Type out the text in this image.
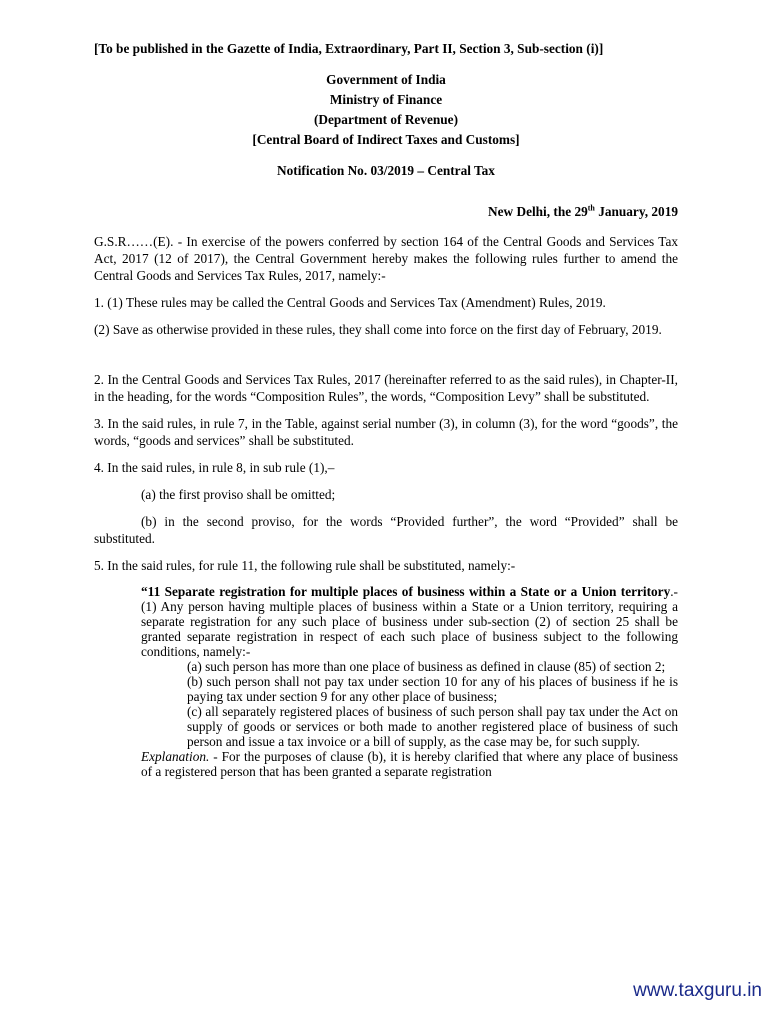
[To be published in the Gazette of India, Extraordinary, Part II, Section 3, Sub-section (i)]

Government of India
Ministry of Finance
(Department of Revenue)
[Central Board of Indirect Taxes and Customs]
Notification No. 03/2019 – Central Tax
New Delhi, the 29th January, 2019

G.S.R……(E). - In exercise of the powers conferred by section 164 of the Central Goods and Services Tax Act, 2017 (12 of 2017), the Central Government hereby makes the following rules further to amend the Central Goods and Services Tax Rules, 2017, namely:-

1. (1) These rules may be called the Central Goods and Services Tax (Amendment) Rules, 2019.

(2) Save as otherwise provided in these rules, they shall come into force on the first day of February, 2019.

2. In the Central Goods and Services Tax Rules, 2017 (hereinafter referred to as the said rules), in Chapter-II, in the heading, for the words “Composition Rules”, the words, “Composition Levy” shall be substituted.

3. In the said rules, in rule 7, in the Table, against serial number (3), in column (3), for the word “goods”, the words, “goods and services” shall be substituted.

4. In the said rules, in rule 8, in sub rule (1),–

(a) the first proviso shall be omitted;

(b) in the second proviso, for the words “Provided further”, the word “Provided” shall be substituted.

5. In the said rules, for rule 11, the following rule shall be substituted, namely:-

“11 Separate registration for multiple places of business within a State or a Union territory.- (1) Any person having multiple places of business within a State or a Union territory, requiring a separate registration for any such place of business under sub-section (2) of section 25 shall be granted separate registration in respect of each such place of business subject to the following conditions, namely:-

(a) such person has more than one place of business as defined in clause (85) of section 2;

(b) such person shall not pay tax under section 10 for any of his places of business if he is paying tax under section 9 for any other place of business;

(c) all separately registered places of business of such person shall pay tax under the Act on supply of goods or services or both made to another registered place of business of such person and issue a tax invoice or a bill of supply, as the case may be, for such supply.

Explanation. - For the purposes of clause (b), it is hereby clarified that where any place of business of a registered person that has been granted a separate registration

www.taxguru.in
